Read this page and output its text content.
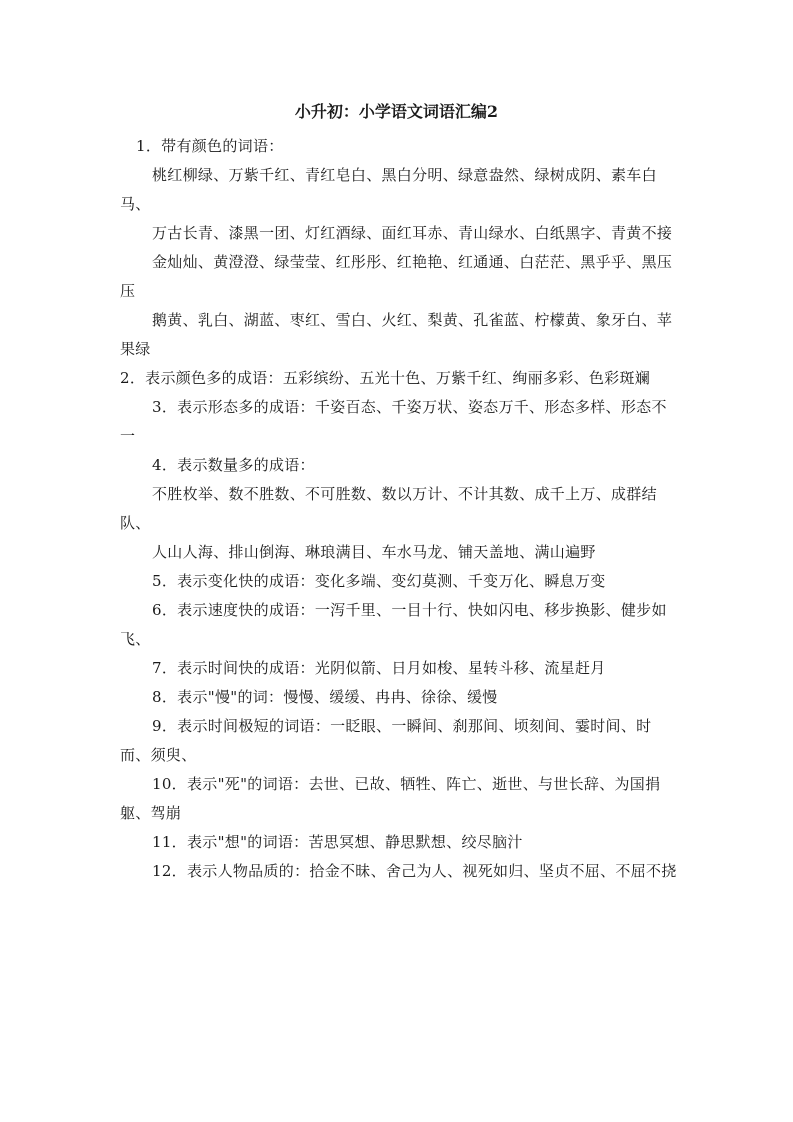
小升初：小学语文词语汇编2

1．带有颜色的词语：

桃红柳绿、万紫千红、青红皂白、黑白分明、绿意盎然、绿树成阴、素车白马、

万古长青、漆黑一团、灯红酒绿、面红耳赤、青山绿水、白纸黑字、青黄不接

金灿灿、黄澄澄、绿莹莹、红彤彤、红艳艳、红通通、白茫茫、黑乎乎、黑压压

鹅黄、乳白、湖蓝、枣红、雪白、火红、梨黄、孔雀蓝、柠檬黄、象牙白、苹果绿

2．表示颜色多的成语：五彩缤纷、五光十色、万紫千红、绚丽多彩、色彩斑斓

3．表示形态多的成语：千姿百态、千姿万状、姿态万千、形态多样、形态不一

4．表示数量多的成语：

不胜枚举、数不胜数、不可胜数、数以万计、不计其数、成千上万、成群结队、

人山人海、排山倒海、琳琅满目、车水马龙、铺天盖地、满山遍野

5．表示变化快的成语：变化多端、变幻莫测、千变万化、瞬息万变

6．表示速度快的成语：一泻千里、一目十行、快如闪电、移步换影、健步如飞、

7．表示时间快的成语：光阴似箭、日月如梭、星转斗移、流星赶月

8．表示"慢"的词：慢慢、缓缓、冉冉、徐徐、缓慢

9．表示时间极短的词语：一眨眼、一瞬间、刹那间、顷刻间、霎时间、时而、须臾、

10．表示"死"的词语：去世、已故、牺牲、阵亡、逝世、与世长辞、为国捐躯、驾崩

11．表示"想"的词语：苦思冥想、静思默想、绞尽脑汁

12．表示人物品质的：拾金不昧、舍己为人、视死如归、坚贞不屈、不屈不挠
